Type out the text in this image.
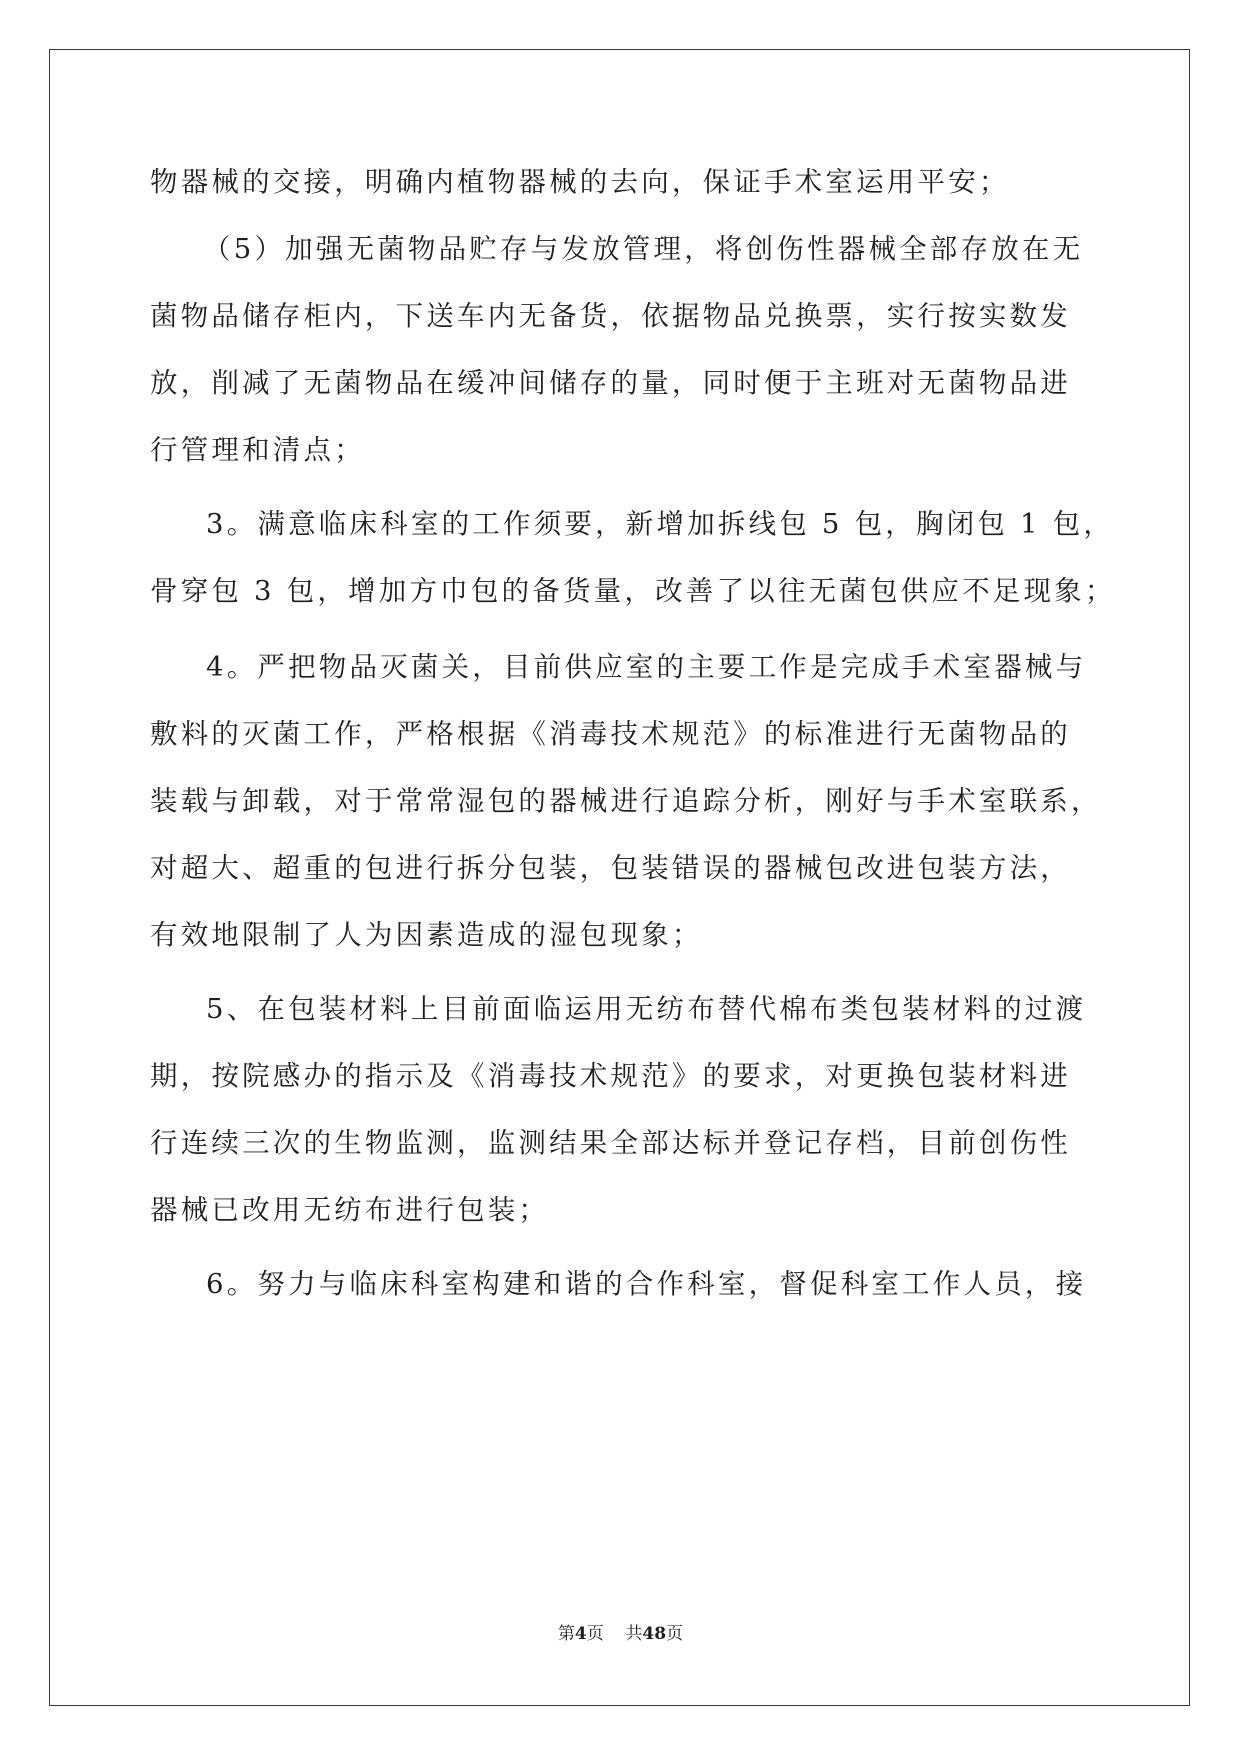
物器械的交接，明确内植物器械的去向，保证手术室运用平安；
（5）加强无菌物品贮存与发放管理，将创伤性器械全部存放在无
菌物品储存柜内，下送车内无备货，依据物品兑换票，实行按实数发
放，削减了无菌物品在缓冲间储存的量，同时便于主班对无菌物品进
行管理和清点；
3。满意临床科室的工作须要，新增加拆线包 5 包，胸闭包 1 包，
骨穿包 3 包，增加方巾包的备货量，改善了以往无菌包供应不足现象；
4。严把物品灭菌关，目前供应室的主要工作是完成手术室器械与
敷料的灭菌工作，严格根据《消毒技术规范》的标准进行无菌物品的
装载与卸载，对于常常湿包的器械进行追踪分析，刚好与手术室联系，
对超大、超重的包进行拆分包装，包装错误的器械包改进包装方法，
有效地限制了人为因素造成的湿包现象；
5、在包装材料上目前面临运用无纺布替代棉布类包装材料的过渡
期，按院感办的指示及《消毒技术规范》的要求，对更换包装材料进
行连续三次的生物监测，监测结果全部达标并登记存档，目前创伤性
器械已改用无纺布进行包装；
6。努力与临床科室构建和谐的合作科室，督促科室工作人员，接
第4页    共48页
